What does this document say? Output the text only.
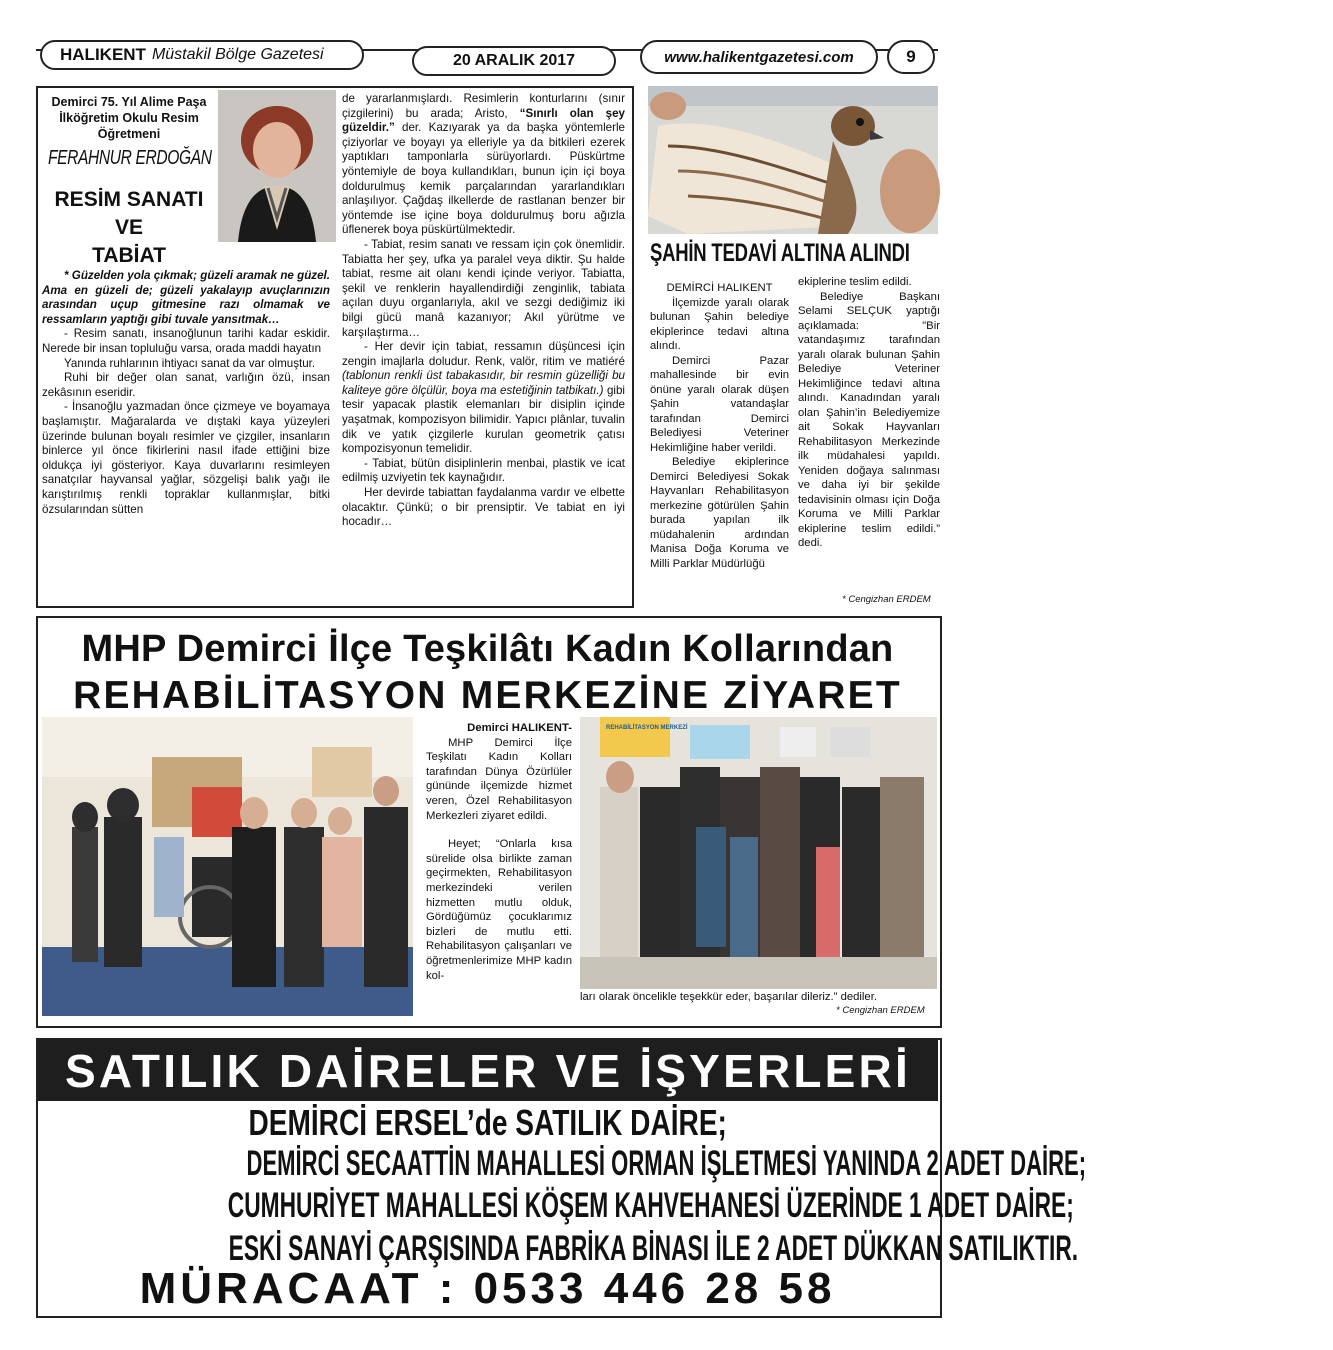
HALIKENT Müstakil Bölge Gazetesi	20 ARALIK 2017	www.halikentgazetesi.com	9
Demirci 75. Yıl Alime Paşa İlköğretim Okulu Resim Öğretmeni
FERAHNUR ERDOĞAN
RESİM SANATI
VE
TABİAT

* Güzelden yola çıkmak; güzeli aramak ne güzel. Ama en güzeli de; güzeli yakalayıp avuçlarınızın arasından uçup gitmesine razı olmamak ve ressamların yaptığı gibi tuvale yansıtmak…

- Resim sanatı, insanoğlunun tarihi kadar eskidir. Nerede bir insan topluluğu varsa, orada maddi hayatın

Yanında ruhlarının ihtiyacı sanat da var olmuştur.

Ruhi bir değer olan sanat, varlığın özü, insan zekâsının eseridir.

- İnsanoğlu yazmadan önce çizmeye ve boyamaya başlamıştır. Mağaralarda ve dıştaki kaya yüzeyleri üzerinde bulunan boyalı resimler ve çizgiler, insanların binlerce yıl önce fikirlerini nasıl ifade ettiğini bize oldukça iyi gösteriyor. Kaya duvarlarını resimleyen sanatçılar hayvansal yağlar, sözgelişi balık yağı ile karıştırılmış renkli topraklar kullanmışlar, bitki özsularından sütten

de yararlanmışlardı. Resimlerin konturlarını (sınır çizgilerini) bu arada; Aristo, “Sınırlı olan şey güzeldir.” der. Kazıyarak ya da başka yöntemlerle çiziyorlar ve boyayı ya elleriyle ya da bitkileri ezerek yaptıkları tamponlarla sürüyorlardı. Püskürtme yöntemiyle de boya kullandıkları, bunun için içi boya doldurulmuş kemik parçalarından yararlandıkları anlaşılıyor. Çağdaş ilkellerde de rastlanan benzer bir yöntemde ise içine boya doldurulmuş boru ağızla üflenerek boya püskürtülmektedir.

- Tabiat, resim sanatı ve ressam için çok önemlidir. Tabiatta her şey, ufka ya paralel veya diktir. Şu halde tabiat, resme ait olanı kendi içinde veriyor. Tabiatta, şekil ve renklerin hayallendirdiği zenginlik, tabiata açılan duyu organlarıyla, akıl ve sezgi dediğimiz iki bilgi gücü manâ kazanıyor; Akıl yürütme ve karşılaştırma…

- Her devir için tabiat, ressamın düşüncesi için zengin imajlarla doludur. Renk, valör, ritim ve matiéré (tablonun renkli üst tabakasıdır, bir resmin güzelliği bu kaliteye göre ölçülür, boya ma estetiğinin tatbikatı.) gibi tesir yapacak plastik elemanları bir disiplin içinde yaşatmak, kompozisyon bilimidir. Yapıcı plânlar, tuvalin dik ve yatık çizgilerle kurulan geometrik çatısı kompozisyonun temelidir.

- Tabiat, bütün disiplinlerin menbai, plastik ve icat edilmiş uzviyetin tek kaynağıdır.

Her devirde tabiattan faydalanma vardır ve elbette olacaktır. Çünkü; o bir prensiptir. Ve tabiat en iyi hocadır…

ŞAHİN TEDAVİ ALTINA ALINDI

DEMİRCİ HALIKENT

İlçemizde yaralı olarak bulunan Şahin belediye ekiplerince tedavi altına alındı.

Demirci Pazar mahallesinde bir evin önüne yaralı olarak düşen Şahin vatandaşlar tarafından Demirci Belediyesi Veteriner Hekimliğine haber verildi.

Belediye ekiplerince Demirci Belediyesi Sokak Hayvanları Rehabilitasyon merkezine götürülen Şahin burada yapılan ilk müdahalenin ardından Manisa Doğa Koruma ve Milli Parklar Müdürlüğü

ekiplerine teslim edildi.

Belediye Başkanı Selami SELÇUK yaptığı açıklamada: "Bir vatandaşımız tarafından yaralı olarak bulunan Şahin Belediye Veteriner Hekimliğince tedavi altına alındı. Kanadından yaralı olan Şahin’in Belediyemize ait Sokak Hayvanları Rehabilitasyon Merkezinde ilk müdahalesi yapıldı. Yeniden doğaya salınması ve daha iyi bir şekilde tedavisinin olması için Doğa Koruma ve Milli Parklar ekiplerine teslim edildi.” dedi.

* Cengizhan ERDEM
MHP Demirci İlçe Teşkilâtı Kadın Kollarından
REHABİLİTASYON MERKEZİNE ZİYARET

Demirci HALIKENT-

MHP Demirci İlçe Teşkilatı Kadın Kolları tarafından Dünya Özürlüler gününde ilçemizde hizmet veren, Özel Rehabilitasyon Merkezleri ziyaret edildi.

Heyet; “Onlarla kısa sürelide olsa birlikte zaman geçirmekten, Rehabilitasyon merkezindeki verilen hizmetten mutlu olduk, Gördüğümüz çocuklarımız bizleri de mutlu etti. Rehabilitasyon çalışanları ve öğretmenlerimize MHP kadın kol-

REHABİLİTASYON MERKEZİ
ları olarak öncelikle teşekkür eder, başarılar dileriz.” dediler.
* Cengizhan ERDEM
SATILIK DAİRELER VE İŞYERLERİ
DEMİRCİ ERSEL’de SATILIK DAİRE;
DEMİRCİ SECAATTİN MAHALLESİ ORMAN İŞLETMESİ YANINDA 2 ADET DAİRE;
CUMHURİYET MAHALLESİ KÖŞEM KAHVEHANESİ ÜZERİNDE 1 ADET DAİRE;
ESKİ SANAYİ ÇARŞISINDA FABRİKA BİNASI İLE 2 ADET DÜKKAN SATILIKTIR.
MÜRACAAT : 0533 446 28 58
